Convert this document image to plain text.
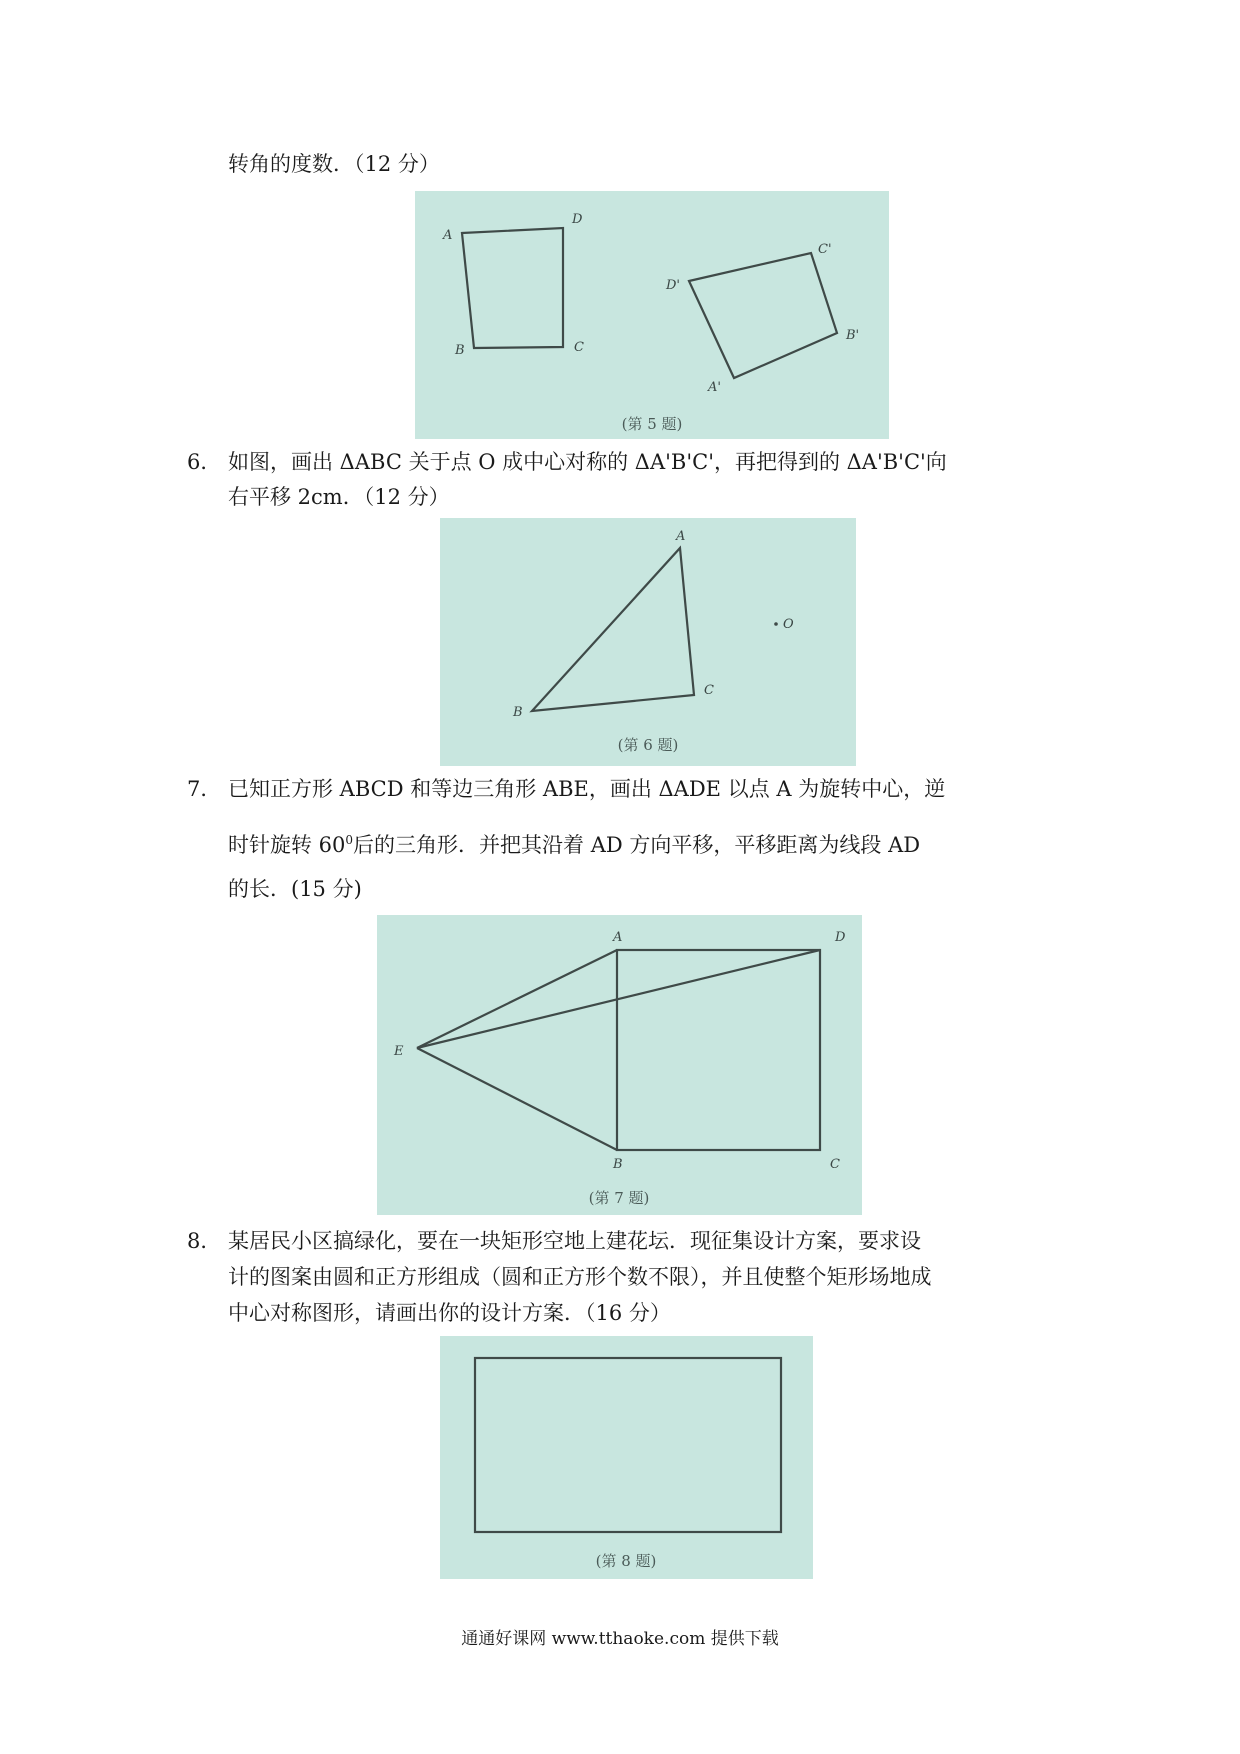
转角的度数．（12 分）
A
D
B	C
C'
D'
B'
A'
(第 5 题)
6． 如图，画出 ΔABC 关于点 O 成中心对称的 ΔA'B'C'，再把得到的 ΔA'B'C'向
右平移 2cm．（12 分）
A
B
C
O
(第 6 题)
7． 已知正方形 ABCD 和等边三角形 ABE，画出 ΔADE 以点 A 为旋转中心，逆
时针旋转 $60^0$后的三角形．并把其沿着 AD 方向平移，平移距离为线段 AD
的长．(15 分)
A	D
B	C
E
(第 7 题)
8． 某居民小区搞绿化，要在一块矩形空地上建花坛．现征集设计方案，要求设
计的图案由圆和正方形组成（圆和正方形个数不限），并且使整个矩形场地成
中心对称图形，请画出你的设计方案．（16 分）
(第 8 题)
通通好课网 www.tthaoke.com 提供下载
